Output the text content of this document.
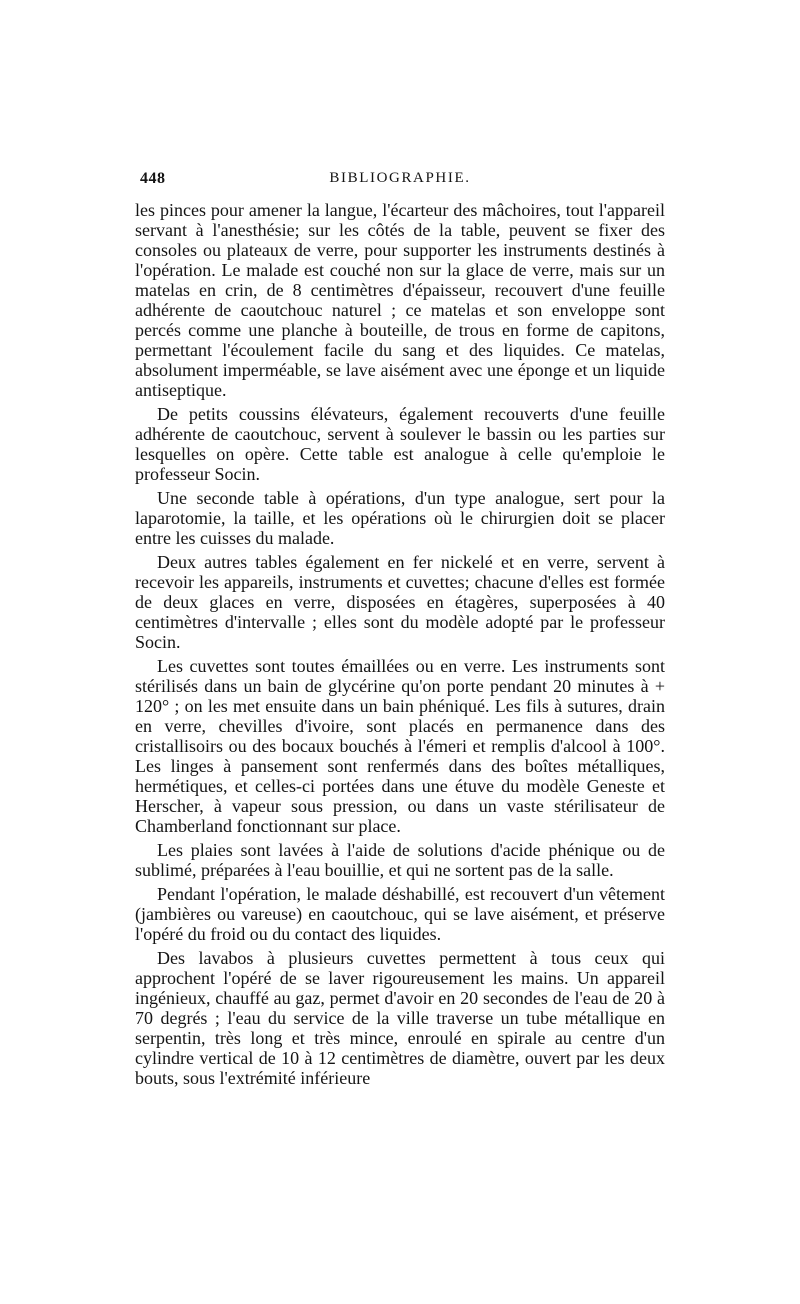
448	BIBLIOGRAPHIE.

les pinces pour amener la langue, l'écarteur des mâchoires, tout l'appareil servant à l'anesthésie; sur les côtés de la table, peuvent se fixer des consoles ou plateaux de verre, pour supporter les instruments destinés à l'opération. Le malade est couché non sur la glace de verre, mais sur un matelas en crin, de 8 centimètres d'épaisseur, recouvert d'une feuille adhérente de caoutchouc naturel ; ce matelas et son enveloppe sont percés comme une planche à bouteille, de trous en forme de capitons, permettant l'écoulement facile du sang et des liquides. Ce matelas, absolument imperméable, se lave aisément avec une éponge et un liquide antiseptique.

De petits coussins élévateurs, également recouverts d'une feuille adhérente de caoutchouc, servent à soulever le bassin ou les parties sur lesquelles on opère. Cette table est analogue à celle qu'emploie le professeur Socin.

Une seconde table à opérations, d'un type analogue, sert pour la laparotomie, la taille, et les opérations où le chirurgien doit se placer entre les cuisses du malade.

Deux autres tables également en fer nickelé et en verre, servent à recevoir les appareils, instruments et cuvettes; chacune d'elles est formée de deux glaces en verre, disposées en étagères, superposées à 40 centimètres d'intervalle ; elles sont du modèle adopté par le professeur Socin.

Les cuvettes sont toutes émaillées ou en verre. Les instruments sont stérilisés dans un bain de glycérine qu'on porte pendant 20 minutes à + 120° ; on les met ensuite dans un bain phéniqué. Les fils à sutures, drain en verre, chevilles d'ivoire, sont placés en permanence dans des cristallisoirs ou des bocaux bouchés à l'émeri et remplis d'alcool à 100°. Les linges à pansement sont renfermés dans des boîtes métalliques, hermétiques, et celles-ci portées dans une étuve du modèle Geneste et Herscher, à vapeur sous pression, ou dans un vaste stérilisateur de Chamberland fonctionnant sur place.

Les plaies sont lavées à l'aide de solutions d'acide phénique ou de sublimé, préparées à l'eau bouillie, et qui ne sortent pas de la salle.

Pendant l'opération, le malade déshabillé, est recouvert d'un vêtement (jambières ou vareuse) en caoutchouc, qui se lave aisément, et préserve l'opéré du froid ou du contact des liquides.

Des lavabos à plusieurs cuvettes permettent à tous ceux qui approchent l'opéré de se laver rigoureusement les mains. Un appareil ingénieux, chauffé au gaz, permet d'avoir en 20 secondes de l'eau de 20 à 70 degrés ; l'eau du service de la ville traverse un tube métallique en serpentin, très long et très mince, enroulé en spirale au centre d'un cylindre vertical de 10 à 12 centimètres de diamètre, ouvert par les deux bouts, sous l'extrémité inférieure
